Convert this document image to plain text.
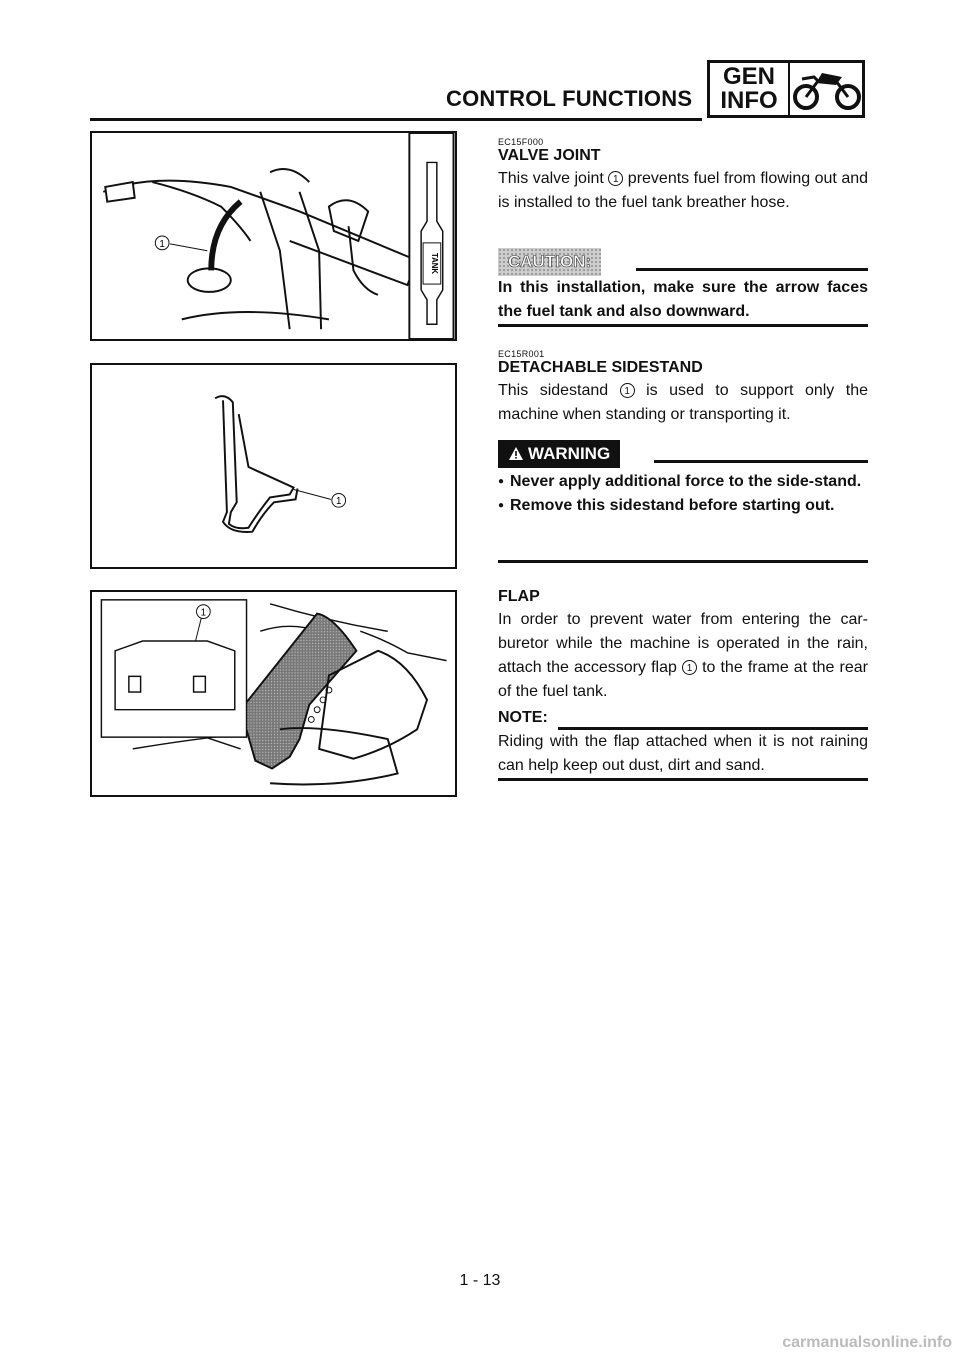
CONTROL FUNCTIONS
GEN
INFO
1
TANK
1
1
EC15F000
VALVE JOINT
This valve joint 1 prevents fuel from flowing out and is installed to the fuel tank breather hose.
CAUTION:
In this installation, make sure the arrow faces the fuel tank and also downward.
EC15R001
DETACHABLE SIDESTAND
This sidestand 1 is used to support only the machine when standing or transporting it.
WARNING
● Never apply additional force to the side-stand.
● Remove this sidestand before starting out.
FLAP
In order to prevent water from entering the car-buretor while the machine is operated in the rain, attach the accessory flap 1 to the frame at the rear of the fuel tank.
NOTE:
Riding with the flap attached when it is not raining can help keep out dust, dirt and sand.
1 - 13
carmanualsonline.info
